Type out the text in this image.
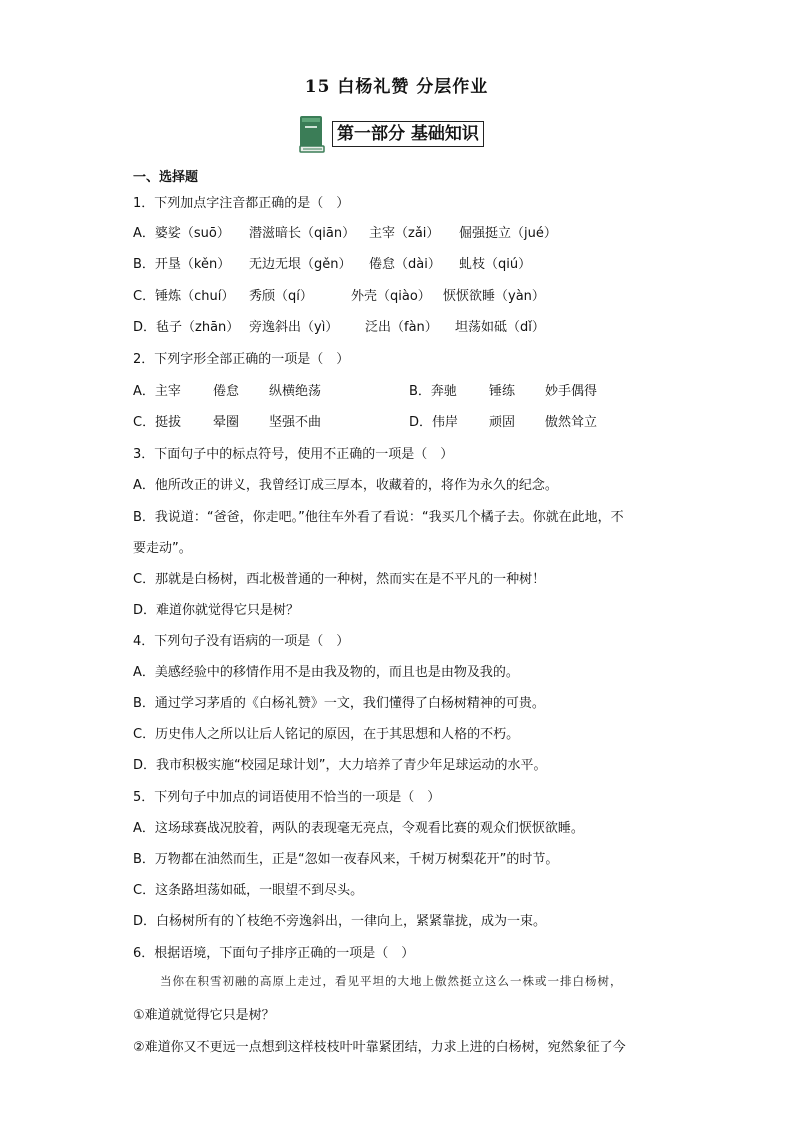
15 白杨礼赞 分层作业
第一部分 基础知识
一、选择题
1．下列加点字注音都正确的是（　）
A．婆娑（suō） 潜滋暗长（qiān） 主宰（zǎi） 倔强挺立（jué）
B．开垦（kěn） 无边无垠（gěn） 倦怠（dài） 虬枝（qiú）
C．锤炼（chuí） 秀颀（qí）	外壳（qiào） 恹恹欲睡（yàn）
D．毡子（zhān） 旁逸斜出（yì） 泛出（fàn） 坦荡如砥（dǐ）
2．下列字形全部正确的一项是（　）
A．主宰 倦怠 纵横绝荡	B．奔驰 锤练 妙手偶得
C．挺拔 晕圈 坚强不曲	D．伟岸 顽固 傲然耸立
3．下面句子中的标点符号，使用不正确的一项是（　）
A．他所改正的讲义，我曾经订成三厚本，收藏着的，将作为永久的纪念。
B．我说道：“爸爸，你走吧。”他往车外看了看说：“我买几个橘子去。你就在此地，不
要走动”。
C．那就是白杨树，西北极普通的一种树，然而实在是不平凡的一种树！
D．难道你就觉得它只是树？
4．下列句子没有语病的一项是（　）
A．美感经验中的移情作用不是由我及物的，而且也是由物及我的。
B．通过学习茅盾的《白杨礼赞》一文，我们懂得了白杨树精神的可贵。
C．历史伟人之所以让后人铭记的原因，在于其思想和人格的不朽。
D．我市积极实施“校园足球计划”，大力培养了青少年足球运动的水平。
5．下列句子中加点的词语使用不恰当的一项是（　）
A．这场球赛战况胶着，两队的表现毫无亮点，令观看比赛的观众们恹恹欲睡。
B．万物都在油然而生，正是“忽如一夜春风来，千树万树梨花开”的时节。
C．这条路坦荡如砥，一眼望不到尽头。
D．白杨树所有的丫枝绝不旁逸斜出，一律向上，紧紧靠拢，成为一束。
6．根据语境，下面句子排序正确的一项是（　）
当你在积雪初融的高原上走过，看见平坦的大地上傲然挺立这么一株或一排白杨树，
①难道就觉得它只是树？
②难道你又不更远一点想到这样枝枝叶叶靠紧团结，力求上进的白杨树，宛然象征了今
